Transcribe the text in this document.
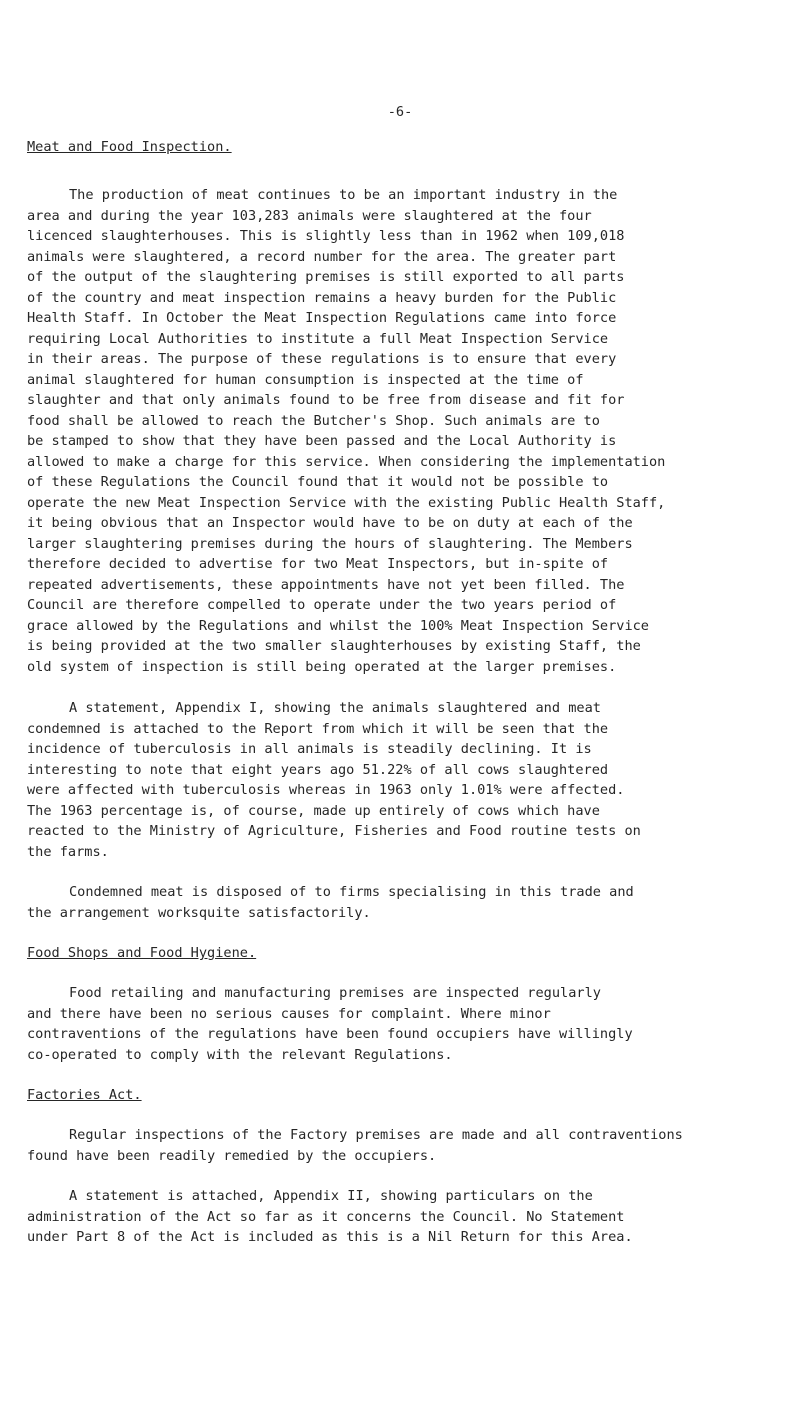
-6-

Meat and Food Inspection.

The production of meat continues to be an important industry in the
area and during the year 103,283 animals were slaughtered at the four
licenced slaughterhouses. This is slightly less than in 1962 when 109,018
animals were slaughtered, a record number for the area. The greater part
of the output of the slaughtering premises is still exported to all parts
of the country and meat inspection remains a heavy burden for the Public
Health Staff. In October the Meat Inspection Regulations came into force
requiring Local Authorities to institute a full Meat Inspection Service
in their areas. The purpose of these regulations is to ensure that every
animal slaughtered for human consumption is inspected at the time of
slaughter and that only animals found to be free from disease and fit for
food shall be allowed to reach the Butcher's Shop. Such animals are to
be stamped to show that they have been passed and the Local Authority is
allowed to make a charge for this service. When considering the implementation
of these Regulations the Council found that it would not be possible to
operate the new Meat Inspection Service with the existing Public Health Staff,
it being obvious that an Inspector would have to be on duty at each of the
larger slaughtering premises during the hours of slaughtering. The Members
therefore decided to advertise for two Meat Inspectors, but in-spite of
repeated advertisements, these appointments have not yet been filled. The
Council are therefore compelled to operate under the two years period of
grace allowed by the Regulations and whilst the 100% Meat Inspection Service
is being provided at the two smaller slaughterhouses by existing Staff, the
old system of inspection is still being operated at the larger premises.

A statement, Appendix I, showing the animals slaughtered and meat
condemned is attached to the Report from which it will be seen that the
incidence of tuberculosis in all animals is steadily declining. It is
interesting to note that eight years ago 51.22% of all cows slaughtered
were affected with tuberculosis whereas in 1963 only 1.01% were affected.
The 1963 percentage is, of course, made up entirely of cows which have
reacted to the Ministry of Agriculture, Fisheries and Food routine tests on
the farms.

Condemned meat is disposed of to firms specialising in this trade and
the arrangement worksquite satisfactorily.

Food Shops and Food Hygiene.

Food retailing and manufacturing premises are inspected regularly
and there have been no serious causes for complaint. Where minor
contraventions of the regulations have been found occupiers have willingly
co-operated to comply with the relevant Regulations.

Factories Act.

Regular inspections of the Factory premises are made and all contraventions
found have been readily remedied by the occupiers.

A statement is attached, Appendix II, showing particulars on the
administration of the Act so far as it concerns the Council. No Statement
under Part 8 of the Act is included as this is a Nil Return for this Area.
